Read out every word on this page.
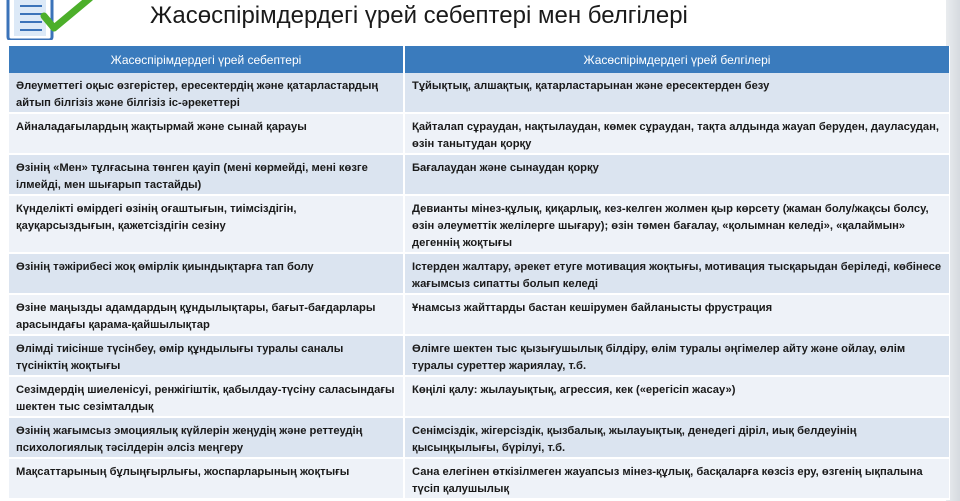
Жасөспірімдердегі үрей себептері мен белгілері
Жасөспірімдердегі үрей себептері	Жасөспірімдердегі үрей белгілері

Әлеуметтегі оқыс өзгерістер, ересектердің және қатарластардың айтып білгізіз және білгізіз іс-әрекеттері	Тұйықтық, алшақтық, қатарластарынан және ересектерден безу

Айналадағылардың жақтырмай және сынай қарауы	Қайталап сұраудан, нақтылаудан, көмек сұраудан, тақта алдында жауап беруден, дауласудан, өзін танытудан қорқу

Өзінің «Мен» тұлғасына төнген қауіп (мені көрмейді, мені көзге ілмейді, мен шығарып тастайды)	Бағалаудан және сынаудан қорқу

Күнделікті өмірдегі өзінің оғаштығын, тиімсіздігін, қауқарсыздығын, қажетсіздігін сезіну	Девианты мінез-құлық, қиқарлық, кез-келген жолмен қыр көрсету (жаман болу/жақсы болсу, өзін әлеуметтік желілерге шығару); өзін төмен бағалау, «қолымнан келеді», «қалаймын» дегеннің жоқтығы

Өзінің тәжірибесі жоқ өмірлік қиындықтарға тап болу	Істерден жалтару, әрекет етуге мотивация жоқтығы, мотивация тысқарыдан беріледі, көбінесе жағымсыз сипатты болып келеді

Өзіне маңызды адамдардың құндылықтары, бағыт-бағдарлары арасындағы қарама-қайшылықтар	Ұнамсыз жайттарды бастан кешірумен байланысты фрустрация

Өлімді тиісінше түсінбеу, өмір құндылығы туралы саналы түсініктің жоқтығы	Өлімге шектен тыс қызығушылық білдіру, өлім туралы әңгімелер айту және ойлау, өлім туралы суреттер жариялау, т.б.

Сезімдердің шиеленісуі, ренжігіштік, қабылдау-түсіну саласындағы шектен тыс сезімталдық	Көңілі қалу: жылауықтық, агрессия, кек («ерегісіп жасау»)

Өзінің жағымсыз эмоциялық күйлерін жеңудің және реттеудің психологиялық тәсілдерін әлсіз меңгеру	Сенімсіздік, жігерсіздік, қызбалық, жылауықтық, денедегі діріл, иық белдеуінің қысыңқылығы, бүрілуі, т.б.

Мақсаттарының бұлыңғырлығы, жоспарларының жоқтығы	Сана елегінен өткізілмеген жауапсыз мінез-құлық, басқаларға көзсіз еру, өзгенің ықпалына түсіп қалушылық
